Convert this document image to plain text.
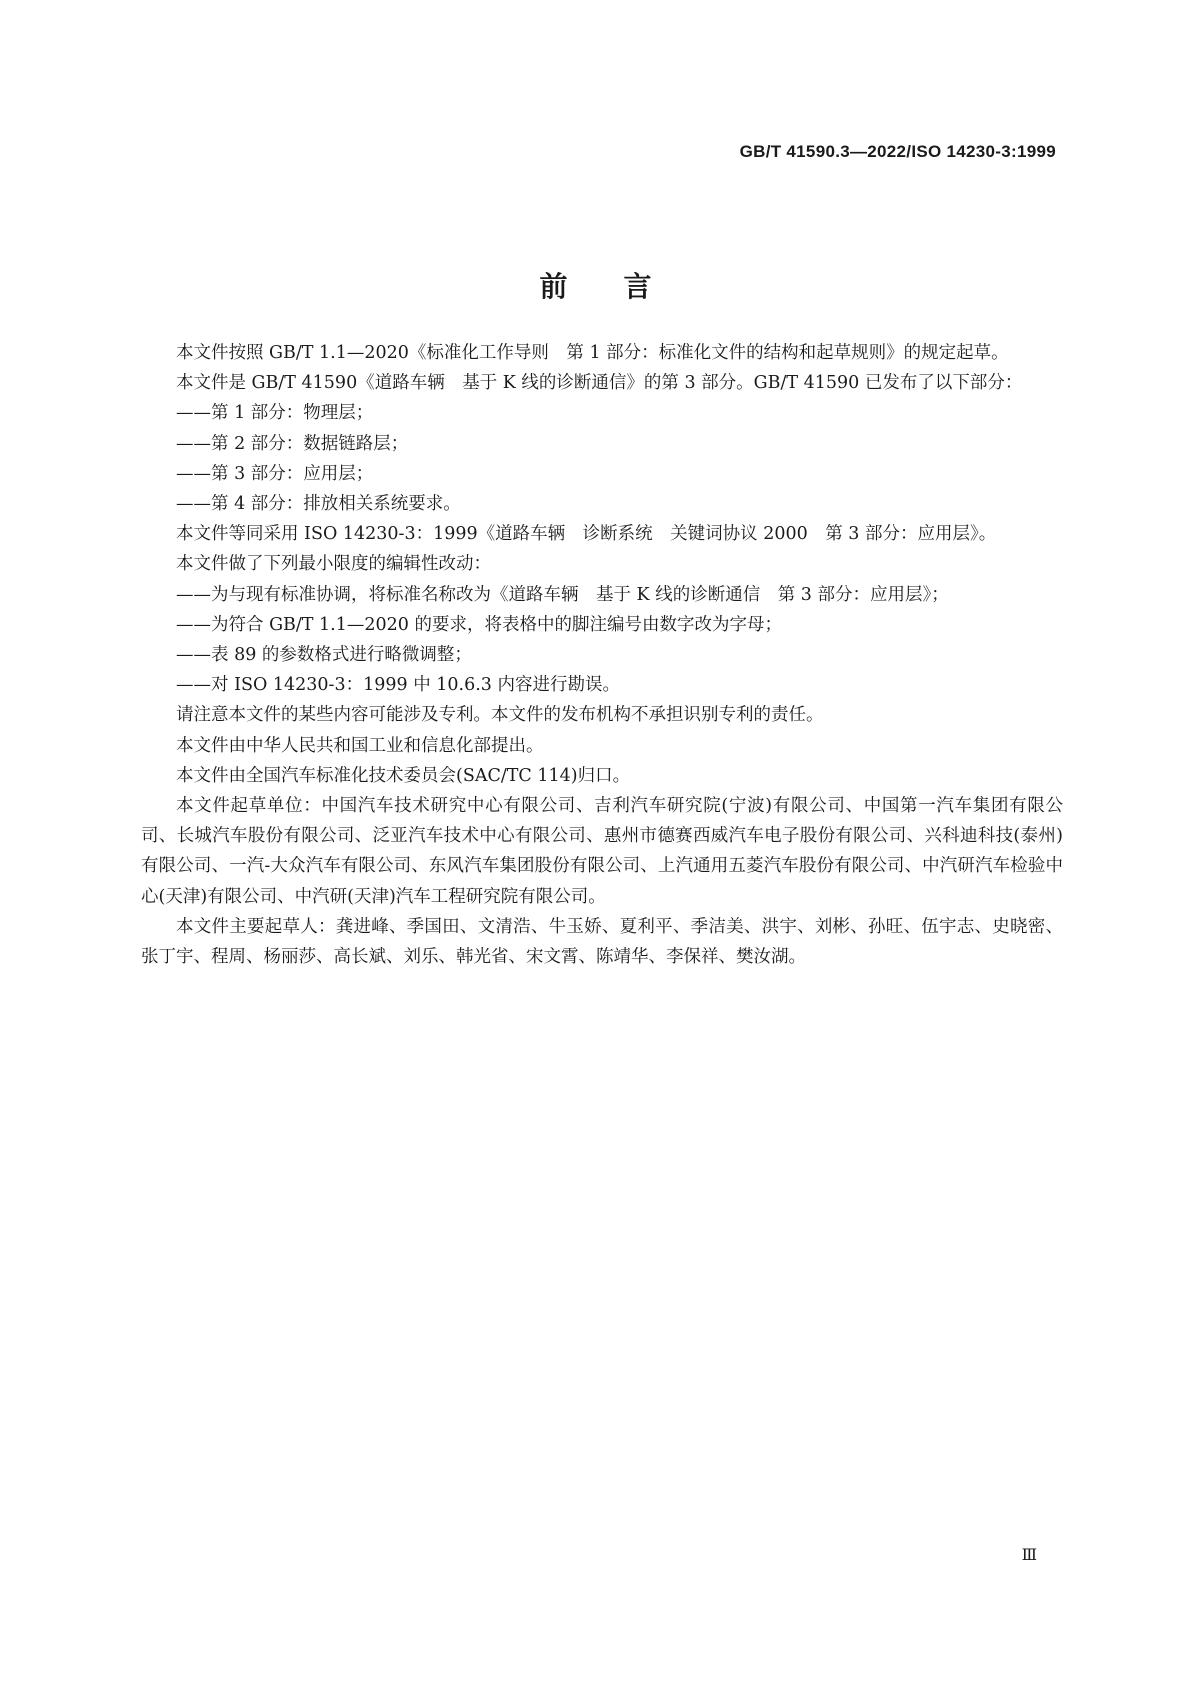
GB/T 41590.3—2022/ISO 14230-3:1999
前言

本文件按照 GB/T 1.1—2020《标准化工作导则　第 1 部分：标准化文件的结构和起草规则》的规定起草。

本文件是 GB/T 41590《道路车辆　基于 K 线的诊断通信》的第 3 部分。GB/T 41590 已发布了以下部分：

——第 1 部分：物理层；

——第 2 部分：数据链路层；

——第 3 部分：应用层；

——第 4 部分：排放相关系统要求。

本文件等同采用 ISO 14230-3：1999《道路车辆　诊断系统　关键词协议 2000　第 3 部分：应用层》。

本文件做了下列最小限度的编辑性改动：

——为与现有标准协调，将标准名称改为《道路车辆　基于 K 线的诊断通信　第 3 部分：应用层》；

——为符合 GB/T 1.1—2020 的要求，将表格中的脚注编号由数字改为字母；

——表 89 的参数格式进行略微调整；

——对 ISO 14230-3：1999 中 10.6.3 内容进行勘误。

请注意本文件的某些内容可能涉及专利。本文件的发布机构不承担识别专利的责任。

本文件由中华人民共和国工业和信息化部提出。

本文件由全国汽车标准化技术委员会(SAC/TC 114)归口。

本文件起草单位：中国汽车技术研究中心有限公司、吉利汽车研究院(宁波)有限公司、中国第一汽车集团有限公司、长城汽车股份有限公司、泛亚汽车技术中心有限公司、惠州市德赛西威汽车电子股份有限公司、兴科迪科技(泰州)有限公司、一汽-大众汽车有限公司、东风汽车集团股份有限公司、上汽通用五菱汽车股份有限公司、中汽研汽车检验中心(天津)有限公司、中汽研(天津)汽车工程研究院有限公司。

本文件主要起草人：龚进峰、季国田、文清浩、牛玉娇、夏利平、季洁美、洪宇、刘彬、孙旺、伍宇志、史晓密、张丁宇、程周、杨丽莎、高长斌、刘乐、韩光省、宋文霄、陈靖华、李保祥、樊汝湖。

Ⅲ
